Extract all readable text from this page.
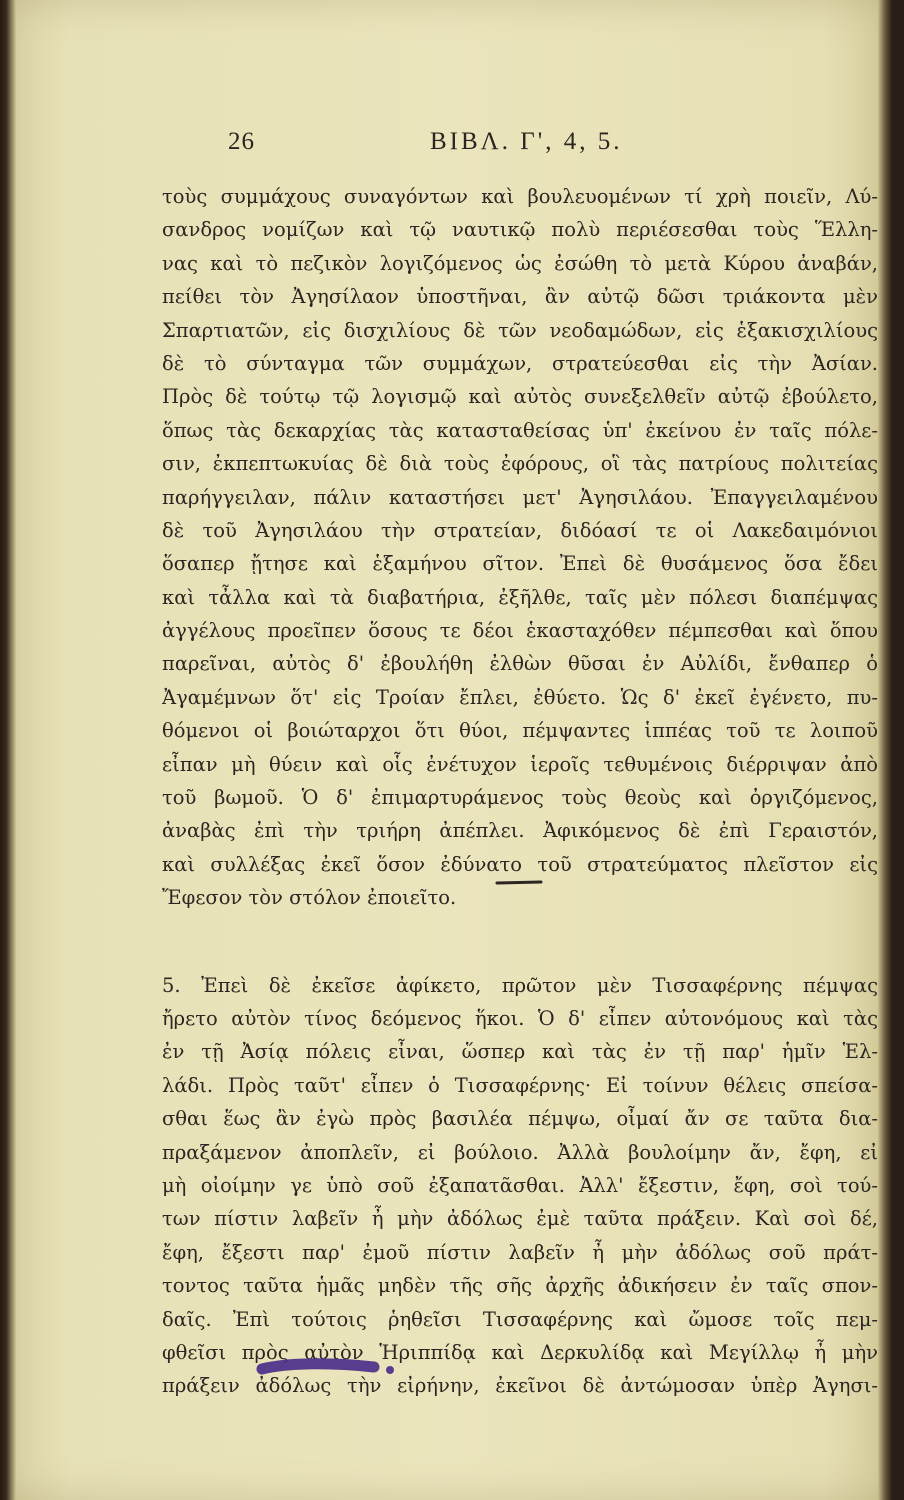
26	ΒΙΒΛ. Γ', 4, 5.
τοὺς συμμάχους συναγόντων καὶ βουλευομένων τί χρὴ ποιεῖν, Λύ-
σανδρος νομίζων καὶ τῷ ναυτικῷ πολὺ περιέσεσθαι τοὺς Ἕλλη-
νας καὶ τὸ πεζικὸν λογιζόμενος ὡς ἐσώθη τὸ μετὰ Κύρου ἀναβάν,
πείθει τὸν Ἀγησίλαον ὑποστῆναι, ἂν αὐτῷ δῶσι τριάκοντα μὲν
Σπαρτιατῶν, εἰς δισχιλίους δὲ τῶν νεοδαμώδων, εἰς ἑξακισχιλίους
δὲ τὸ σύνταγμα τῶν συμμάχων, στρατεύεσθαι εἰς τὴν Ἀσίαν.
Πρὸς δὲ τούτῳ τῷ λογισμῷ καὶ αὐτὸς συνεξελθεῖν αὐτῷ ἐβούλετο,
ὅπως τὰς δεκαρχίας τὰς κατασταθείσας ὑπ' ἐκείνου ἐν ταῖς πόλε-
σιν, ἐκπεπτωκυίας δὲ διὰ τοὺς ἐφόρους, οἳ τὰς πατρίους πολιτείας
παρήγγειλαν, πάλιν καταστήσει μετ' Ἀγησιλάου. Ἐπαγγειλαμένου
δὲ τοῦ Ἀγησιλάου τὴν στρατείαν, διδόασί τε οἱ Λακεδαιμόνιοι
ὅσαπερ ᾔτησε καὶ ἑξαμήνου σῖτον. Ἐπεὶ δὲ θυσάμενος ὅσα ἔδει
καὶ τἆλλα καὶ τὰ διαβατήρια, ἐξῆλθε, ταῖς μὲν πόλεσι διαπέμψας
ἀγγέλους προεῖπεν ὅσους τε δέοι ἑκασταχόθεν πέμπεσθαι καὶ ὅπου
παρεῖναι, αὐτὸς δ' ἐβουλήθη ἐλθὼν θῦσαι ἐν Αὐλίδι, ἔνθαπερ ὁ
Ἀγαμέμνων ὅτ' εἰς Τροίαν ἔπλει, ἐθύετο. Ὡς δ' ἐκεῖ ἐγένετο, πυ-
θόμενοι οἱ βοιώταρχοι ὅτι θύοι, πέμψαντες ἱππέας τοῦ τε λοιποῦ
εἶπαν μὴ θύειν καὶ οἷς ἐνέτυχον ἱεροῖς τεθυμένοις διέρριψαν ἀπὸ
τοῦ βωμοῦ. Ὁ δ' ἐπιμαρτυράμενος τοὺς θεοὺς καὶ ὀργιζόμενος,
ἀναβὰς ἐπὶ τὴν τριήρη ἀπέπλει. Ἀφικόμενος δὲ ἐπὶ Γεραιστόν,
καὶ συλλέξας ἐκεῖ ὅσον ἐδύνατο τοῦ στρατεύματος πλεῖστον εἰς
Ἔφεσον τὸν στόλον ἐποιεῖτο.
5. Ἐπεὶ δὲ ἐκεῖσε ἀφίκετο, πρῶτον μὲν Τισσαφέρνης πέμψας
ἤρετο αὐτὸν τίνος δεόμενος ἥκοι. Ὁ δ' εἶπεν αὐτονόμους καὶ τὰς
ἐν τῇ Ἀσίᾳ πόλεις εἶναι, ὥσπερ καὶ τὰς ἐν τῇ παρ' ἡμῖν Ἑλ-
λάδι. Πρὸς ταῦτ' εἶπεν ὁ Τισσαφέρνης· Εἰ τοίνυν θέλεις σπείσα-
σθαι ἕως ἂν ἐγὼ πρὸς βασιλέα πέμψω, οἶμαί ἄν σε ταῦτα δια-
πραξάμενον ἀποπλεῖν, εἰ βούλοιο. Ἀλλὰ βουλοίμην ἄν, ἔφη, εἰ
μὴ οἰοίμην γε ὑπὸ σοῦ ἐξαπατᾶσθαι. Ἀλλ' ἔξεστιν, ἔφη, σοὶ τού-
των πίστιν λαβεῖν ἦ μὴν ἀδόλως ἐμὲ ταῦτα πράξειν. Καὶ σοὶ δέ,
ἔφη, ἔξεστι παρ' ἐμοῦ πίστιν λαβεῖν ἦ μὴν ἀδόλως σοῦ πράτ-
τοντος ταῦτα ἡμᾶς μηδὲν τῆς σῆς ἀρχῆς ἀδικήσειν ἐν ταῖς σπον-
δαῖς. Ἐπὶ τούτοις ῥηθεῖσι Τισσαφέρνης καὶ ὤμοσε τοῖς πεμ-
φθεῖσι πρὸς αὐτὸν Ἡριππίδᾳ καὶ Δερκυλίδᾳ καὶ Μεγίλλῳ ἦ μὴν
πράξειν ἀδόλως τὴν εἰρήνην, ἐκεῖνοι δὲ ἀντώμοσαν ὑπὲρ Ἀγησι-
